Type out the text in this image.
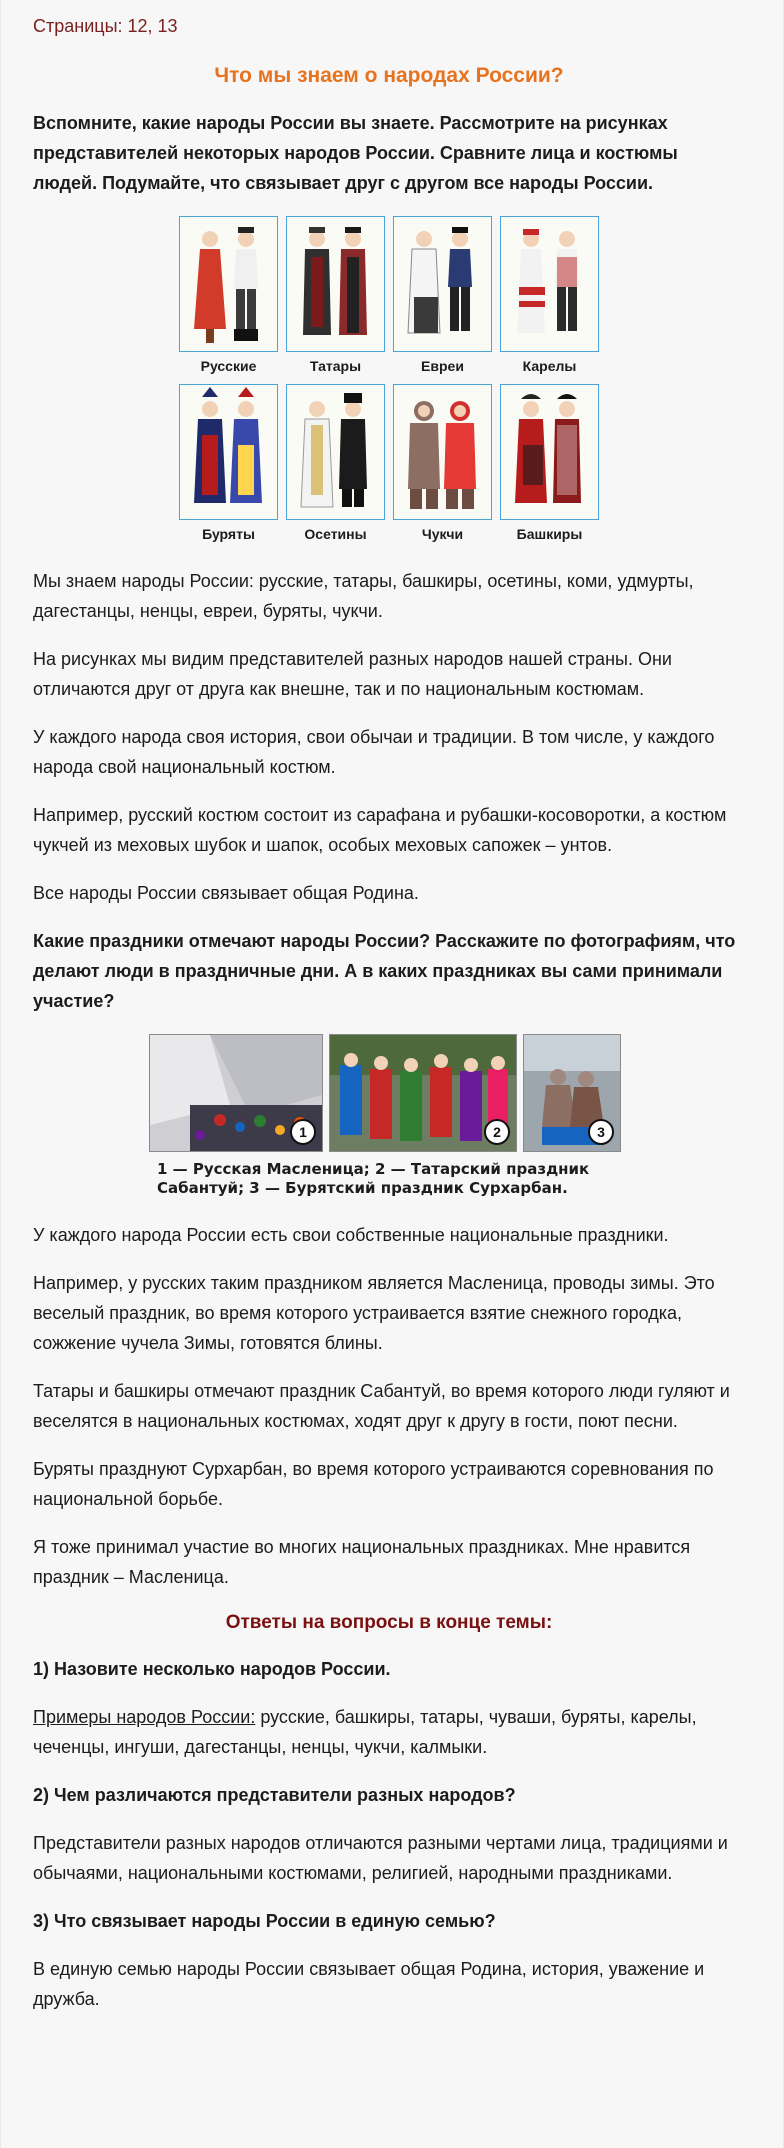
Страницы: 12, 13
Что мы знаем о народах России?

Вспомните, какие народы России вы знаете. Рассмотрите на рисунках представителей некоторых народов России. Сравните лица и костюмы людей. Подумайте, что связывает друг с другом все народы России.

Русские	Татары	Евреи	Карелы
Буряты	Осетины	Чукчи	Башкиры

Мы знаем народы России: русские, татары, башкиры, осетины, коми, удмурты, дагестанцы, ненцы, евреи, буряты, чукчи.

На рисунках мы видим представителей разных народов нашей страны. Они отличаются друг от друга как внешне, так и по национальным костюмам.

У каждого народа своя история, свои обычаи и традиции. В том числе, у каждого народа свой национальный костюм.

Например, русский костюм состоит из сарафана и рубашки-косоворотки, а костюм чукчей из меховых шубок и шапок, особых меховых сапожек – унтов.

Все народы России связывает общая Родина.

Какие праздники отмечают народы России? Расскажите по фотографиям, что делают люди в праздничные дни. А в каких праздниках вы сами принимали участие?

1	2	3
1 — Русская Масленица; 2 — Татарский праздник Сабантуй; 3 — Бурятский праздник Сурхарбан.

У каждого народа России есть свои собственные национальные праздники.

Например, у русских таким праздником является Масленица, проводы зимы. Это веселый праздник, во время которого устраивается взятие снежного городка, сожжение чучела Зимы, готовятся блины.

Татары и башкиры отмечают праздник Сабантуй, во время которого люди гуляют и веселятся в национальных костюмах, ходят друг к другу в гости, поют песни.

Буряты празднуют Сурхарбан, во время которого устраиваются соревнования по национальной борьбе.

Я тоже принимал участие во многих национальных праздниках. Мне нравится праздник – Масленица.

Ответы на вопросы в конце темы:

1) Назовите несколько народов России.

Примеры народов России: русские, башкиры, татары, чуваши, буряты, карелы, чеченцы, ингуши, дагестанцы, ненцы, чукчи, калмыки.

2) Чем различаются представители разных народов?

Представители разных народов отличаются разными чертами лица, традициями и обычаями, национальными костюмами, религией, народными праздниками.

3) Что связывает народы России в единую семью?

В единую семью народы России связывает общая Родина, история, уважение и дружба.
